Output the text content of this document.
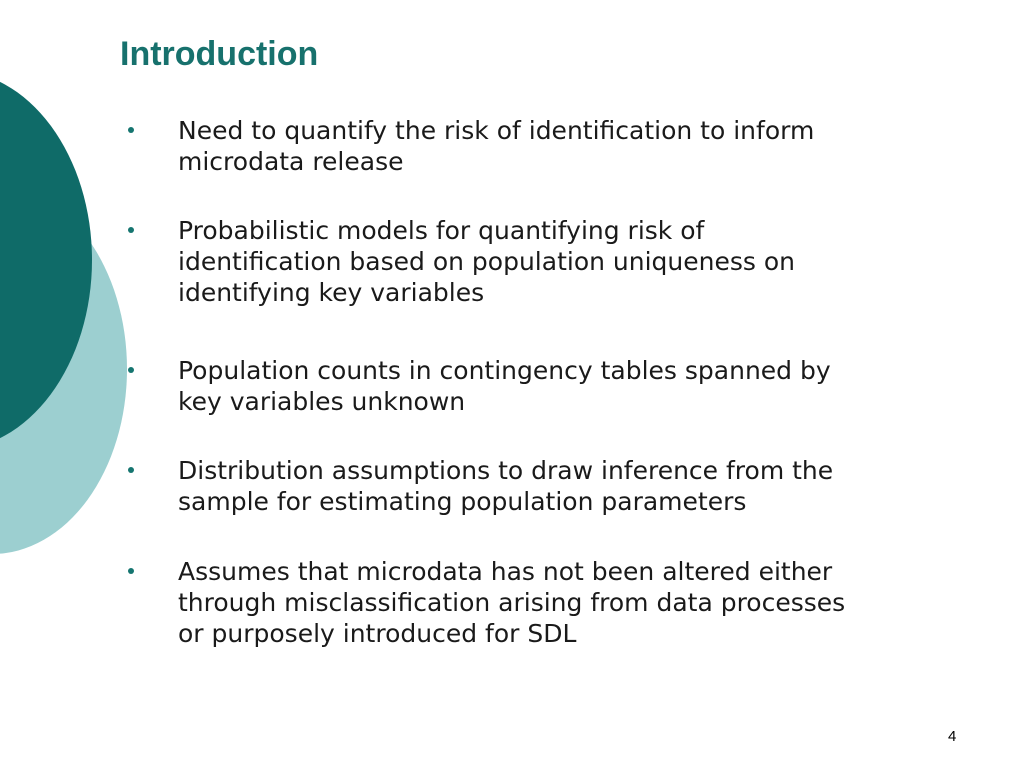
Introduction
Need to quantify the risk of identification to inform
microdata release
Probabilistic models for quantifying risk of
identification based on population uniqueness on
identifying key variables
Population counts in contingency tables spanned by
key variables unknown
Distribution assumptions to draw inference from the
sample for estimating population parameters
Assumes that microdata has not been altered either
through misclassification arising from data processes
or purposely introduced for SDL
4
